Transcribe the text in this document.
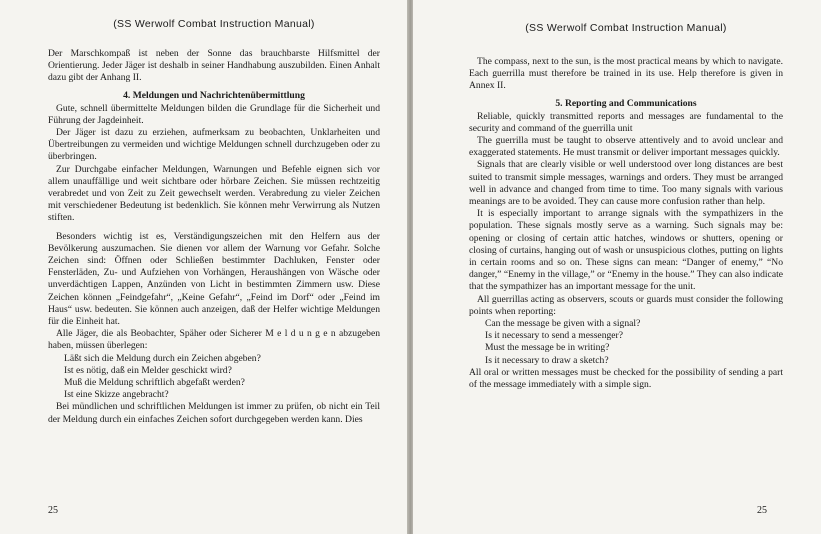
(SS Werwolf Combat Instruction Manual)

Der Marschkompaß ist neben der Sonne das brauchbarste Hilfsmittel der Orientierung. Jeder Jäger ist deshalb in seiner Handhabung auszubilden. Einen Anhalt dazu gibt der Anhang II.

4. Meldungen und Nachrichtenübermittlung

Gute, schnell übermittelte Meldungen bilden die Grundlage für die Sicherheit und Führung der Jagdeinheit.

Der Jäger ist dazu zu erziehen, aufmerksam zu beobachten, Unklarheiten und Übertreibungen zu vermeiden und wichtige Meldungen schnell durchzugeben oder zu überbringen.

Zur Durchgabe einfacher Meldungen, Warnungen und Befehle eignen sich vor allem unauffällige und weit sichtbare oder hörbare Zeichen. Sie müssen rechtzeitig verabredet und von Zeit zu Zeit gewechselt werden. Verabredung zu vieler Zeichen mit verschiedener Bedeutung ist bedenklich. Sie können mehr Verwirrung als Nutzen stiften.

Besonders wichtig ist es, Verständigungszeichen mit den Helfern aus der Bevölkerung auszumachen. Sie dienen vor allem der Warnung vor Gefahr. Solche Zeichen sind: Öffnen oder Schließen bestimmter Dachluken, Fenster oder Fensterläden, Zu- und Aufziehen von Vorhängen, Heraushängen von Wäsche oder unverdächtigen Lappen, Anzünden von Licht in bestimmten Zimmern usw. Diese Zeichen können „Feindgefahr“, „Keine Gefahr“, „Feind im Dorf“ oder „Feind im Haus“ usw. bedeuten. Sie können auch anzeigen, daß der Helfer wichtige Meldungen für die Einheit hat.

Alle Jäger, die als Beobachter, Späher oder Sicherer M e l d u n g e n abzugeben haben, müssen überlegen:

Läßt sich die Meldung durch ein Zeichen abgeben?

Ist es nötig, daß ein Melder geschickt wird?

Muß die Meldung schriftlich abgefaßt werden?

Ist eine Skizze angebracht?

Bei mündlichen und schriftlichen Meldungen ist immer zu prüfen, ob nicht ein Teil der Meldung durch ein einfaches Zeichen sofort durchgegeben werden kann. Dies

25
(SS Werwolf Combat Instruction Manual)

The compass, next to the sun, is the most practical means by which to navigate. Each guerrilla must therefore be trained in its use. Help therefore is given in Annex II.

5. Reporting and Communications

Reliable, quickly transmitted reports and messages are fundamental to the security and command of the guerrilla unit

The guerrilla must be taught to observe attentively and to avoid unclear and exaggerated statements. He must transmit or deliver important messages quickly.

Signals that are clearly visible or well understood over long distances are best suited to transmit simple messages, warnings and orders. They must be arranged well in advance and changed from time to time. Too many signals with various meanings are to be avoided. They can cause more confusion rather than help.

It is especially important to arrange signals with the sympathizers in the population. These signals mostly serve as a warning. Such signals may be: opening or closing of certain attic hatches, windows or shutters, opening or closing of curtains, hanging out of wash or unsuspicious clothes, putting on lights in certain rooms and so on. These signs can mean: “Danger of enemy,” “No danger,” “Enemy in the village,” or “Enemy in the house.” They can also indicate that the sympathizer has an important message for the unit.

All guerrillas acting as observers, scouts or guards must consider the following points when reporting:

Can the message be given with a signal?

Is it necessary to send a messenger?

Must the message be in writing?

Is it necessary to draw a sketch?

All oral or written messages must be checked for the possibility of sending a part of the message immediately with a simple sign.

25
